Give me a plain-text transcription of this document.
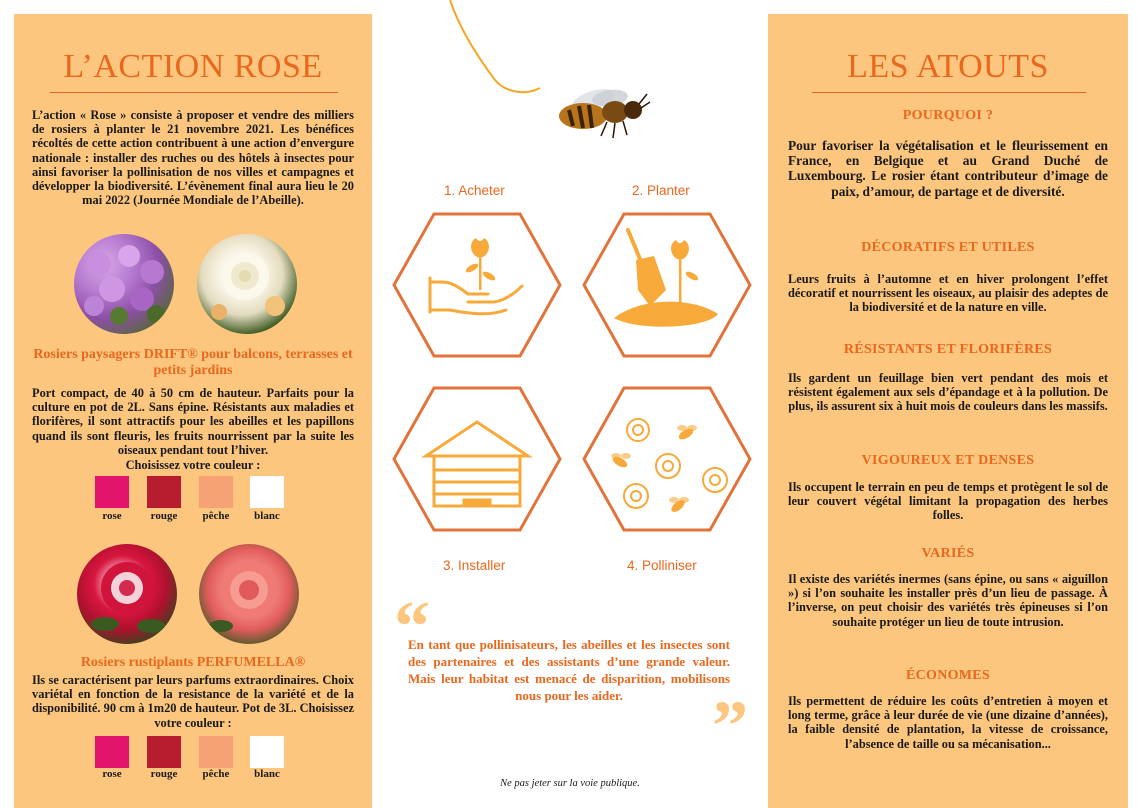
L’ACTION ROSE
L’action « Rose » consiste à proposer et vendre des milliers de rosiers à planter le 21 novembre 2021. Les bénéfices récoltés de cette action contribuent à une action d’envergure nationale : installer des ruches ou des hôtels à insectes pour ainsi favoriser la pollinisation de nos villes et campagnes et développer la biodiversité. L’évènement final aura lieu le 20 mai 2022 (Journée Mondiale de l’Abeille).
Rosiers paysagers DRIFT® pour balcons, terrasses et petits jardins
Port compact, de 40 à 50 cm de hauteur. Parfaits pour la culture en pot de 2L. Sans épine. Résistants aux maladies et florifères, il sont attractifs pour les abeilles et les papillons quand ils sont fleuris, les fruits nourrissent par la suite les oiseaux pendant tout l’hiver.
Choisissez votre couleur :
rose	rouge	pêche	blanc
Rosiers rustiplants PERFUMELLA®
Ils se caractérisent par leurs parfums extraordinaires. Choix variétal en fonction de la resistance de la variété et de la disponibilité. 90 cm à 1m20 de hauteur. Pot de 3L. Choisissez votre couleur :
rose	rouge	pêche	blanc
1. Acheter	2. Planter
3. Installer	4. Polliniser
“
En tant que pollinisateurs, les abeilles et les insectes sont des partenaires et des assistants d’une grande valeur. Mais leur habitat est menacé de disparition, mobilisons nous pour les aider.	”
Ne pas jeter sur la voie publique.
LES ATOUTS
POURQUOI ?
Pour favoriser la végétalisation et le fleurissement en France, en Belgique et au Grand Duché de Luxembourg. Le rosier étant contributeur d’image de paix, d’amour, de partage et de diversité.
DÉCORATIFS ET UTILES
Leurs fruits à l’automne et en hiver prolongent l’effet décoratif et nourrissent les oiseaux, au plaisir des adeptes de la biodiversité et de la nature en ville.
RÉSISTANTS ET FLORIFÈRES
Ils gardent un feuillage bien vert pendant des mois et résistent également aux sels d’épandage et à la pollution. De plus, ils assurent six à huit mois de couleurs dans les massifs.
VIGOUREUX ET DENSES
Ils occupent le terrain en peu de temps et protègent le sol de leur couvert végétal limitant la propagation des herbes folles.
VARIÉS
Il existe des variétés inermes (sans épine, ou sans « aiguillon ») si l’on souhaite les installer près d’un lieu de passage. À l’inverse, on peut choisir des variétés très épineuses si l’on souhaite protéger un lieu de toute intrusion.
ÉCONOMES
Ils permettent de réduire les coûts d’entretien à moyen et long terme, grâce à leur durée de vie (une dizaine d’années), la faible densité de plantation, la vitesse de croissance, l’absence de taille ou sa mécanisation...
